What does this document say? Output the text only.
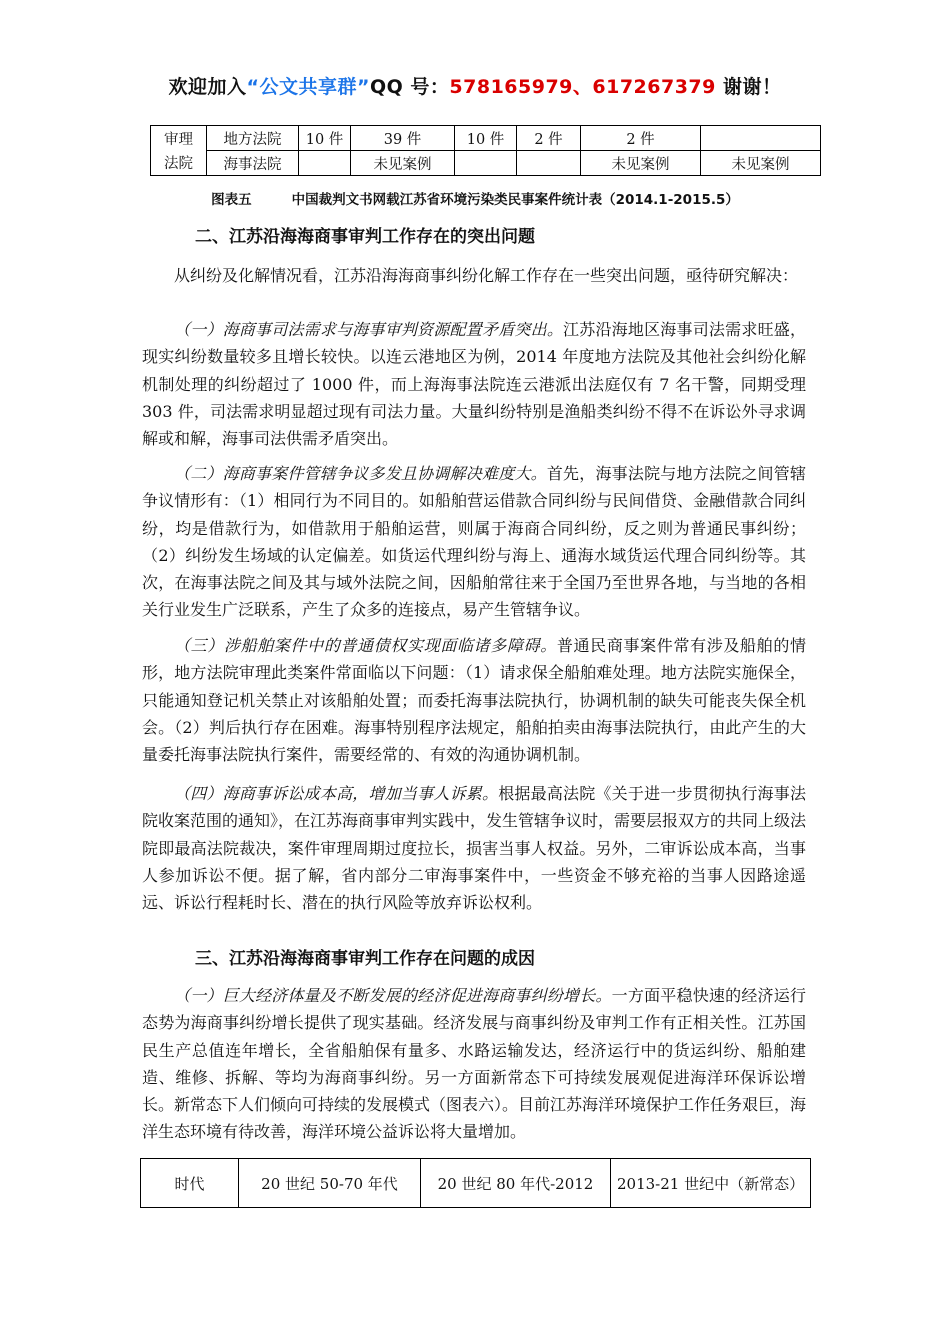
欢迎加入“公文共享群”QQ 号：578165979、617267379 谢谢！
审理	地方法院	10 件	39 件	10 件	2 件	2 件	
法院	海事法院		未见案例			未见案例	未见案例
图表五	中国裁判文书网载江苏省环境污染类民事案件统计表（2014.1-2015.5）
二、江苏沿海海商事审判工作存在的突出问题

从纠纷及化解情况看，江苏沿海海商事纠纷化解工作存在一些突出问题，亟待研究解决：

（一）海商事司法需求与海事审判资源配置矛盾突出。江苏沿海地区海事司法需求旺盛，现实纠纷数量较多且增长较快。以连云港地区为例，2014 年度地方法院及其他社会纠纷化解机制处理的纠纷超过了 1000 件，而上海海事法院连云港派出法庭仅有 7 名干警，同期受理 303 件，司法需求明显超过现有司法力量。大量纠纷特别是渔船类纠纷不得不在诉讼外寻求调解或和解，海事司法供需矛盾突出。

（二）海商事案件管辖争议多发且协调解决难度大。首先，海事法院与地方法院之间管辖争议情形有：（1）相同行为不同目的。如船舶营运借款合同纠纷与民间借贷、金融借款合同纠纷，均是借款行为，如借款用于船舶运营，则属于海商合同纠纷，反之则为普通民事纠纷；（2）纠纷发生场域的认定偏差。如货运代理纠纷与海上、通海水域货运代理合同纠纷等。其次，在海事法院之间及其与域外法院之间，因船舶常往来于全国乃至世界各地，与当地的各相关行业发生广泛联系，产生了众多的连接点，易产生管辖争议。

（三）涉船舶案件中的普通债权实现面临诸多障碍。普通民商事案件常有涉及船舶的情形，地方法院审理此类案件常面临以下问题：（1）请求保全船舶难处理。地方法院实施保全，只能通知登记机关禁止对该船舶处置；而委托海事法院执行，协调机制的缺失可能丧失保全机会。（2）判后执行存在困难。海事特别程序法规定，船舶拍卖由海事法院执行，由此产生的大量委托海事法院执行案件，需要经常的、有效的沟通协调机制。

（四）海商事诉讼成本高，增加当事人诉累。根据最高法院《关于进一步贯彻执行海事法院收案范围的通知》，在江苏海商事审判实践中，发生管辖争议时，需要层报双方的共同上级法院即最高法院裁决，案件审理周期过度拉长，损害当事人权益。另外，二审诉讼成本高，当事人参加诉讼不便。据了解，省内部分二审海事案件中，一些资金不够充裕的当事人因路途遥远、诉讼行程耗时长、潜在的执行风险等放弃诉讼权利。

三、江苏沿海海商事审判工作存在问题的成因

（一）巨大经济体量及不断发展的经济促进海商事纠纷增长。一方面平稳快速的经济运行态势为海商事纠纷增长提供了现实基础。经济发展与商事纠纷及审判工作有正相关性。江苏国民生产总值连年增长，全省船舶保有量多、水路运输发达，经济运行中的货运纠纷、船舶建造、维修、拆解、等均为海商事纠纷。另一方面新常态下可持续发展观促进海洋环保诉讼增长。新常态下人们倾向可持续的发展模式（图表六）。目前江苏海洋环境保护工作任务艰巨，海洋生态环境有待改善，海洋环境公益诉讼将大量增加。

时代	20 世纪 50-70 年代	20 世纪 80 年代-2012	2013-21 世纪中（新常态）
